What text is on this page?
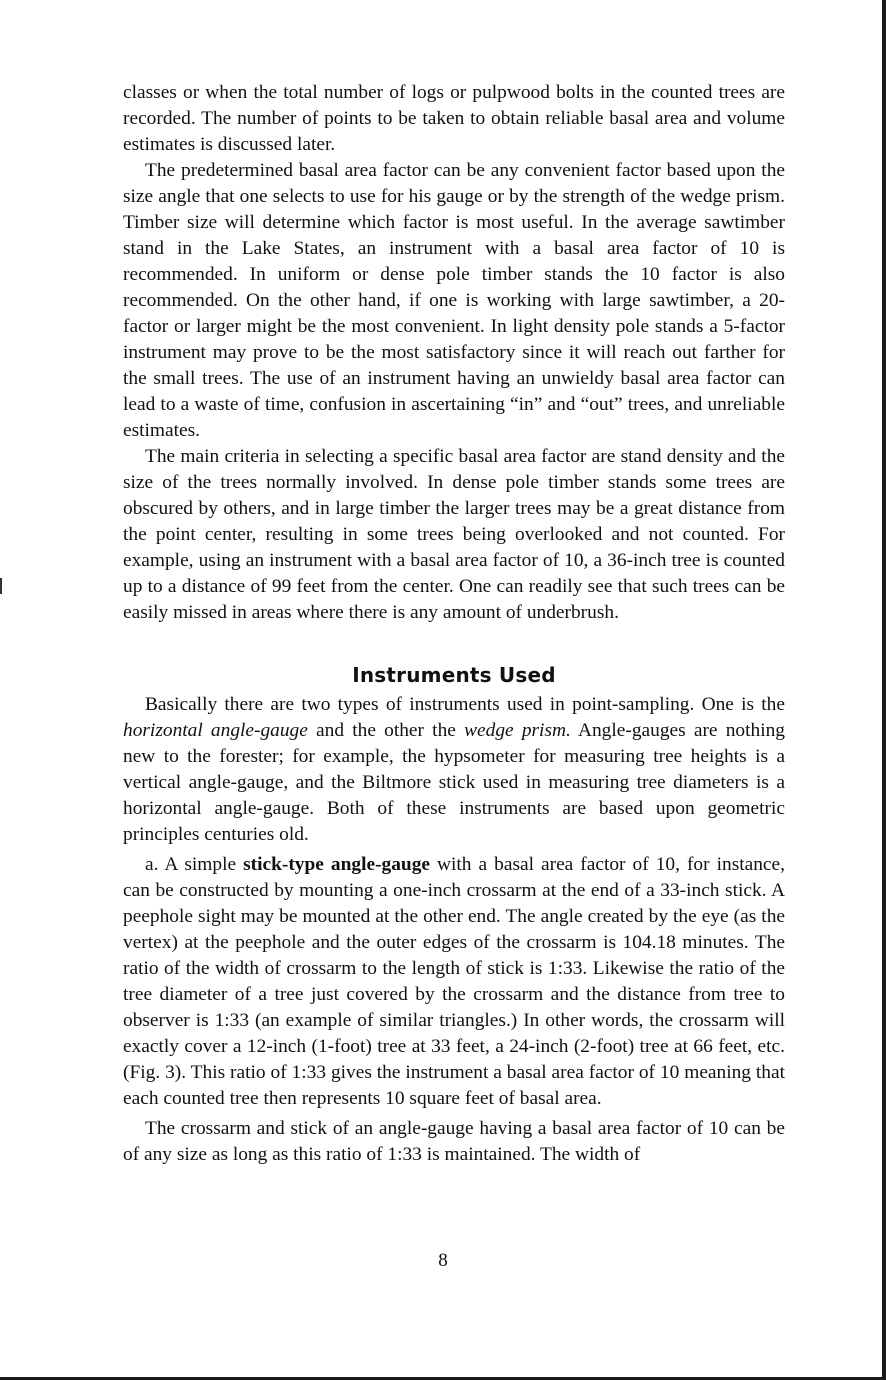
classes or when the total number of logs or pulpwood bolts in the counted trees are recorded. The number of points to be taken to obtain reliable basal area and volume estimates is discussed later.

The predetermined basal area factor can be any convenient factor based upon the size angle that one selects to use for his gauge or by the strength of the wedge prism. Timber size will determine which factor is most useful. In the average sawtimber stand in the Lake States, an instrument with a basal area factor of 10 is recommended. In uniform or dense pole timber stands the 10 factor is also recommended. On the other hand, if one is working with large sawtimber, a 20-factor or larger might be the most convenient. In light density pole stands a 5-factor instrument may prove to be the most satisfactory since it will reach out farther for the small trees. The use of an instrument having an unwieldy basal area factor can lead to a waste of time, confusion in ascertaining “in” and “out” trees, and unreliable estimates.

The main criteria in selecting a specific basal area factor are stand density and the size of the trees normally involved. In dense pole timber stands some trees are obscured by others, and in large timber the larger trees may be a great distance from the point center, resulting in some trees being overlooked and not counted. For example, using an instrument with a basal area factor of 10, a 36-inch tree is counted up to a distance of 99 feet from the center. One can readily see that such trees can be easily missed in areas where there is any amount of underbrush.

Instruments Used

Basically there are two types of instruments used in point-sampling. One is the horizontal angle-gauge and the other the wedge prism. Angle-gauges are nothing new to the forester; for example, the hypsometer for measuring tree heights is a vertical angle-gauge, and the Biltmore stick used in measuring tree diameters is a horizontal angle-gauge. Both of these instruments are based upon geometric principles centuries old.

a. A simple stick-type angle-gauge with a basal area factor of 10, for instance, can be constructed by mounting a one-inch crossarm at the end of a 33-inch stick. A peephole sight may be mounted at the other end. The angle created by the eye (as the vertex) at the peephole and the outer edges of the crossarm is 104.18 minutes. The ratio of the width of crossarm to the length of stick is 1:33. Likewise the ratio of the tree diameter of a tree just covered by the crossarm and the distance from tree to observer is 1:33 (an example of similar triangles.) In other words, the crossarm will exactly cover a 12-inch (1-foot) tree at 33 feet, a 24-inch (2-foot) tree at 66 feet, etc. (Fig. 3). This ratio of 1:33 gives the instrument a basal area factor of 10 meaning that each counted tree then represents 10 square feet of basal area.

The crossarm and stick of an angle-gauge having a basal area factor of 10 can be of any size as long as this ratio of 1:33 is maintained. The width of

8
